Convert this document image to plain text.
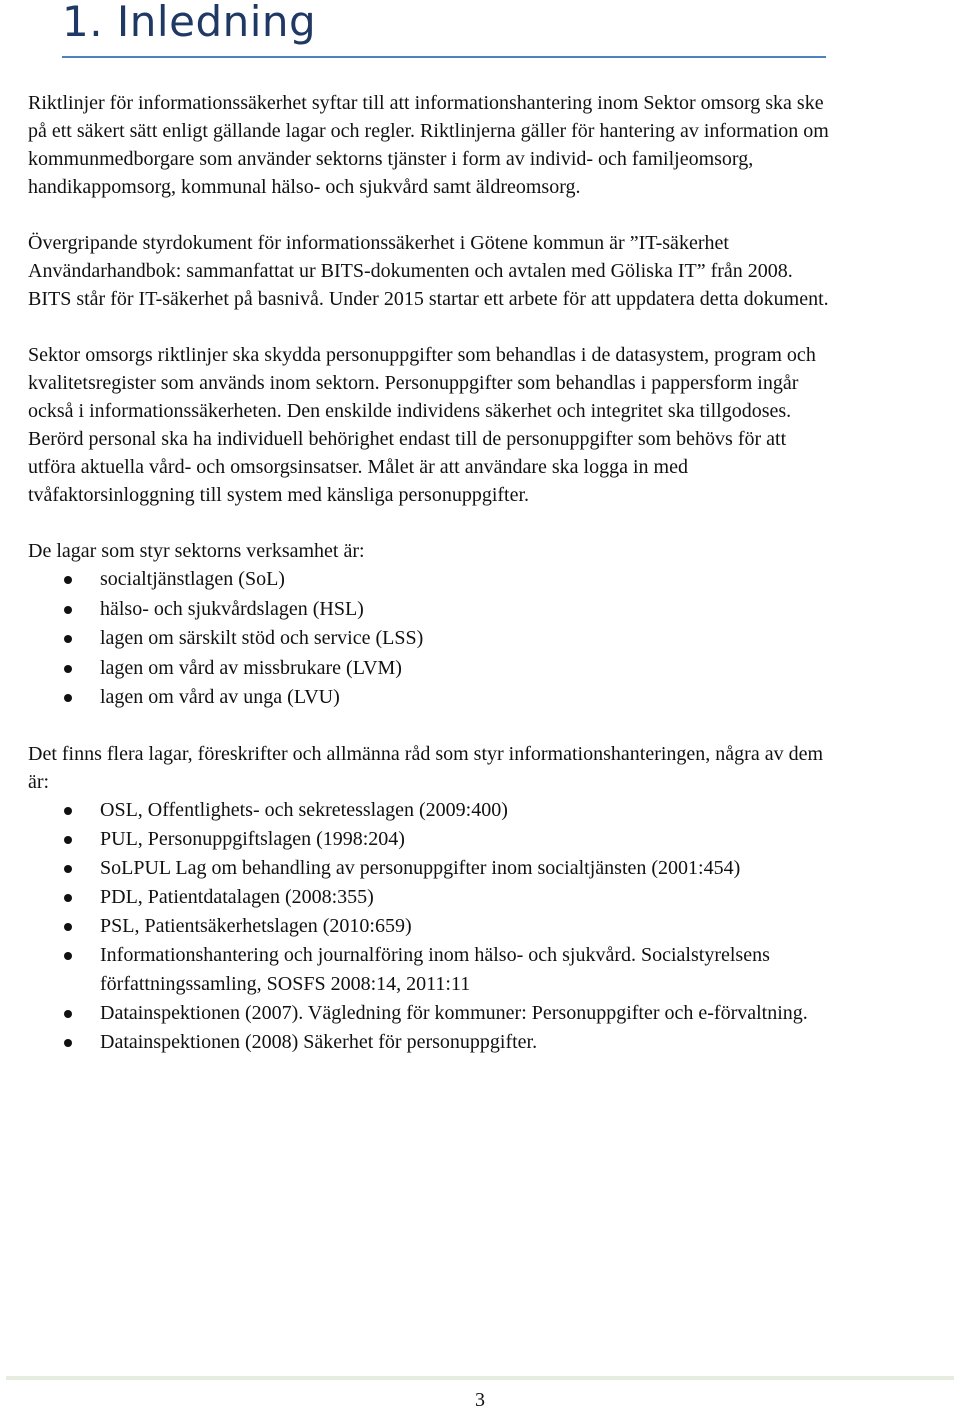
1. Inledning

Riktlinjer för informationssäkerhet syftar till att informationshantering inom Sektor omsorg ska ske på ett säkert sätt enligt gällande lagar och regler. Riktlinjerna gäller för hantering av information om kommunmedborgare som använder sektorns tjänster i form av individ- och familjeomsorg, handikappomsorg, kommunal hälso- och sjukvård samt äldreomsorg.

Övergripande styrdokument för informationssäkerhet i Götene kommun är ”IT-säkerhet Användarhandbok: sammanfattat ur BITS-dokumenten och avtalen med Göliska IT” från 2008. BITS står för IT-säkerhet på basnivå. Under 2015 startar ett arbete för att uppdatera detta dokument.

Sektor omsorgs riktlinjer ska skydda personuppgifter som behandlas i de datasystem, program och kvalitetsregister som används inom sektorn. Personuppgifter som behandlas i pappersform ingår också i informationssäkerheten. Den enskilde individens säkerhet och integritet ska tillgodoses. Berörd personal ska ha individuell behörighet endast till de personuppgifter som behövs för att utföra aktuella vård- och omsorgsinsatser. Målet är att användare ska logga in med tvåfaktorsinloggning till system med känsliga personuppgifter.

De lagar som styr sektorns verksamhet är:

socialtjänstlagen (SoL)
hälso- och sjukvårdslagen (HSL)
lagen om särskilt stöd och service (LSS)
lagen om vård av missbrukare (LVM)
lagen om vård av unga (LVU)

Det finns flera lagar, föreskrifter och allmänna råd som styr informationshanteringen, några av dem är:

OSL, Offentlighets- och sekretesslagen (2009:400)
PUL, Personuppgiftslagen (1998:204)
SoLPUL Lag om behandling av personuppgifter inom socialtjänsten (2001:454)
PDL, Patientdatalagen (2008:355)
PSL, Patientsäkerhetslagen (2010:659)
Informationshantering och journalföring inom hälso- och sjukvård. Socialstyrelsens författningssamling, SOSFS 2008:14, 2011:11
Datainspektionen (2007). Vägledning för kommuner: Personuppgifter och e-förvaltning.
Datainspektionen (2008) Säkerhet för personuppgifter.
3
